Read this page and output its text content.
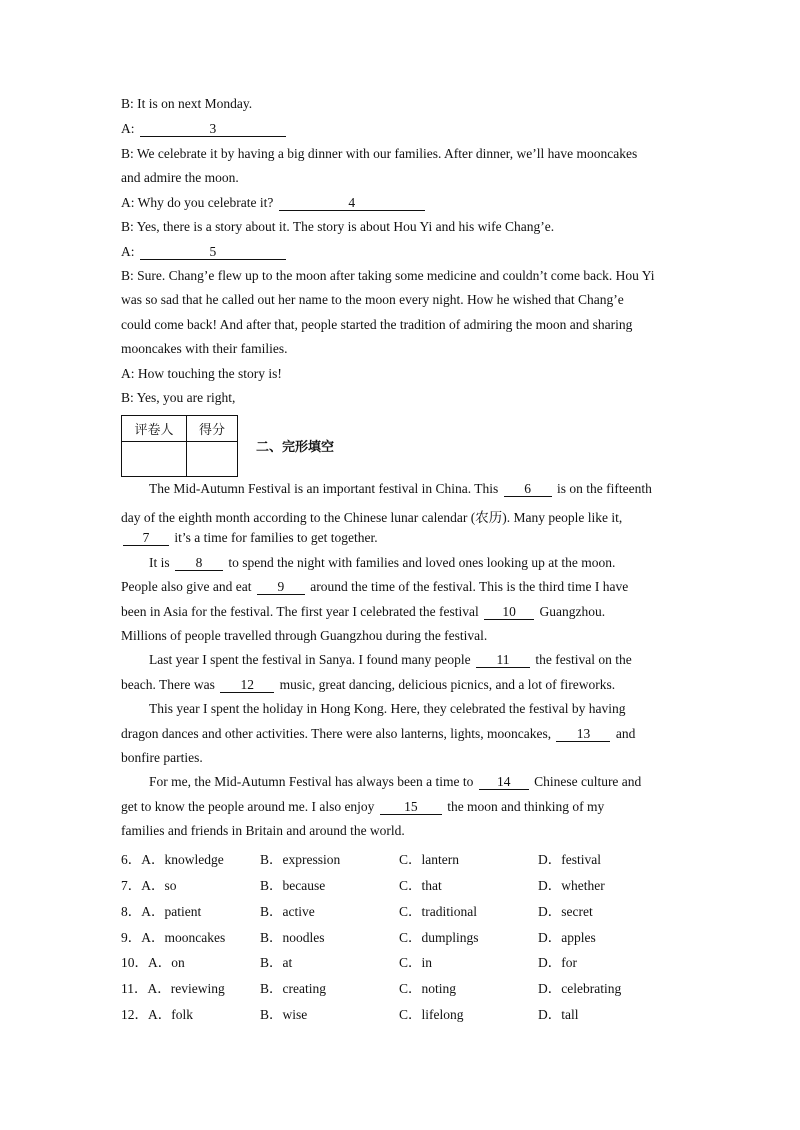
B: It is on next Monday.
A:	3
B: We celebrate it by having a big dinner with our families. After dinner, we’ll have mooncakes
and admire the moon.
A: Why do you celebrate it?	4
B: Yes, there is a story about it. The story is about Hou Yi and his wife Chang’e.
A:	5
B: Sure. Chang’e flew up to the moon after taking some medicine and couldn’t come back. Hou Yi
was so sad that he called out her name to the moon every night. How he wished that Chang’e
could come back! And after that, people started the tradition of admiring the moon and sharing
mooncakes with their families.
A: How touching the story is!
B: Yes, you are right,
评卷人	得分

二、完形填空
The Mid-Autumn Festival is an important festival in China. This 6 is on the fifteenth
day of the eighth month according to the Chinese lunar calendar (农历). Many people like it,
7 it’s a time for families to get together.
It is 8 to spend the night with families and loved ones looking up at the moon.
People also give and eat 9 around the time of the festival. This is the third time I have
been in Asia for the festival. The first year I celebrated the festival 10 Guangzhou.
Millions of people travelled through Guangzhou during the festival.
Last year I spent the festival in Sanya. I found many people 11 the festival on the
beach. There was 12 music, great dancing, delicious picnics, and a lot of fireworks.
This year I spent the holiday in Hong Kong. Here, they celebrated the festival by having
dragon dances and other activities. There were also lanterns, lights, mooncakes, 13 and
bonfire parties.
For me, the Mid-Autumn Festival has always been a time to 14 Chinese culture and
get to know the people around me. I also enjoy 15 the moon and thinking of my
families and friends in Britain and around the world.
6．A．knowledge	B．expression	C．lantern	D．festival
7．A．so	B．because	C．that	D．whether
8．A．patient	B．active	C．traditional	D．secret
9．A．mooncakes	B．noodles	C．dumplings	D．apples
10．A．on	B．at	C．in	D．for
11．A．reviewing	B．creating	C．noting	D．celebrating
12．A．folk	B．wise	C．lifelong	D．tall
